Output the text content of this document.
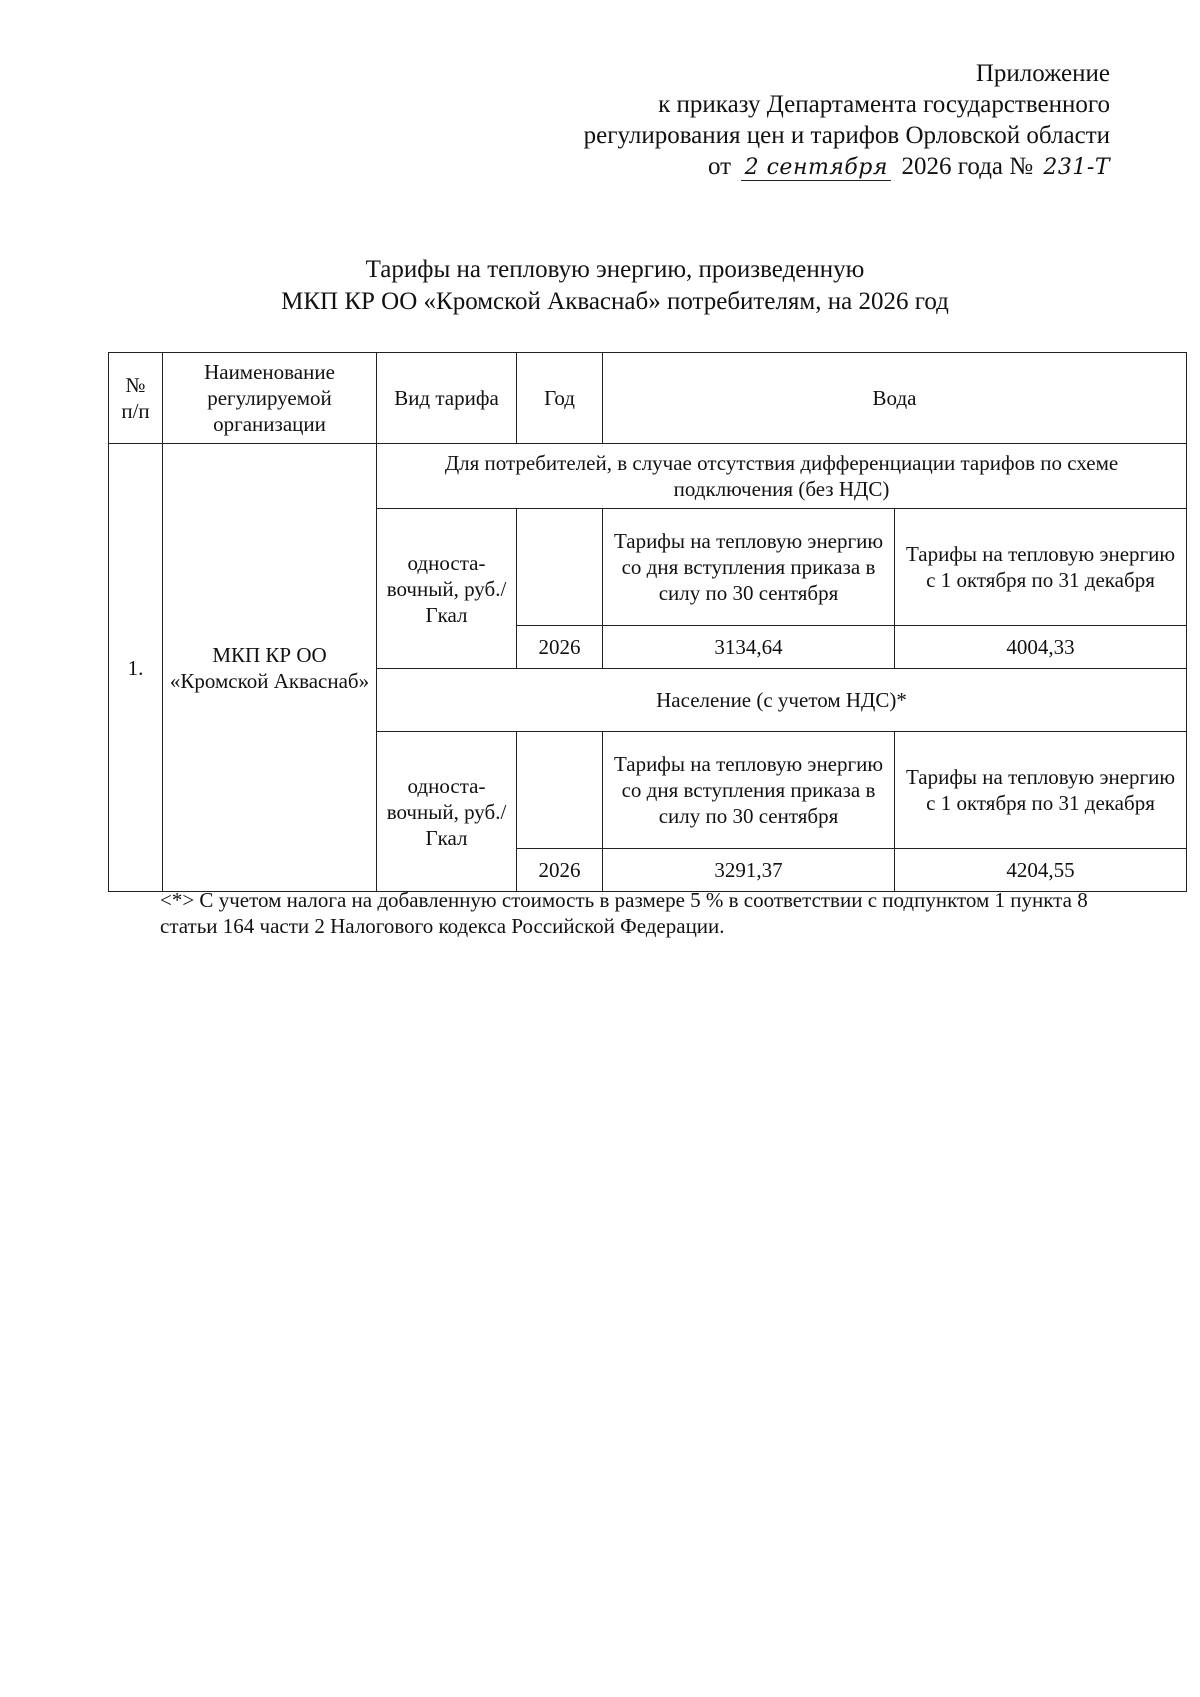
Приложение
к приказу Департамента государственного
регулирования цен и тарифов Орловской области
от 2 сентября 2026 года № 231-Т
Тарифы на тепловую энергию, произведенную
МКП КР ОО «Кромской Акваснаб» потребителям, на 2026 год
№ п/п	Наименование регулируемой организации	Вид тарифа	Год	Вода	
1.	МКП КР ОО «Кромской Акваснаб»	Для потребителей, в случае отсутствия дифференциации тарифов по схеме подключения (без НДС)			
		односта-вочный, руб./Гкал		Тарифы на тепловую энергию со дня вступления приказа в силу по 30 сентября	Тарифы на тепловую энергию с 1 октября по 31 декабря
			2026	3134,64	4004,33
		Население (с учетом НДС)*			
		односта-вочный, руб./Гкал		Тарифы на тепловую энергию со дня вступления приказа в силу по 30 сентября	Тарифы на тепловую энергию с 1 октября по 31 декабря
			2026	3291,37	4204,55
<*> С учетом налога на добавленную стоимость в размере 5 % в соответствии с подпунктом 1 пункта 8 статьи 164 части 2 Налогового кодекса Российской Федерации.
